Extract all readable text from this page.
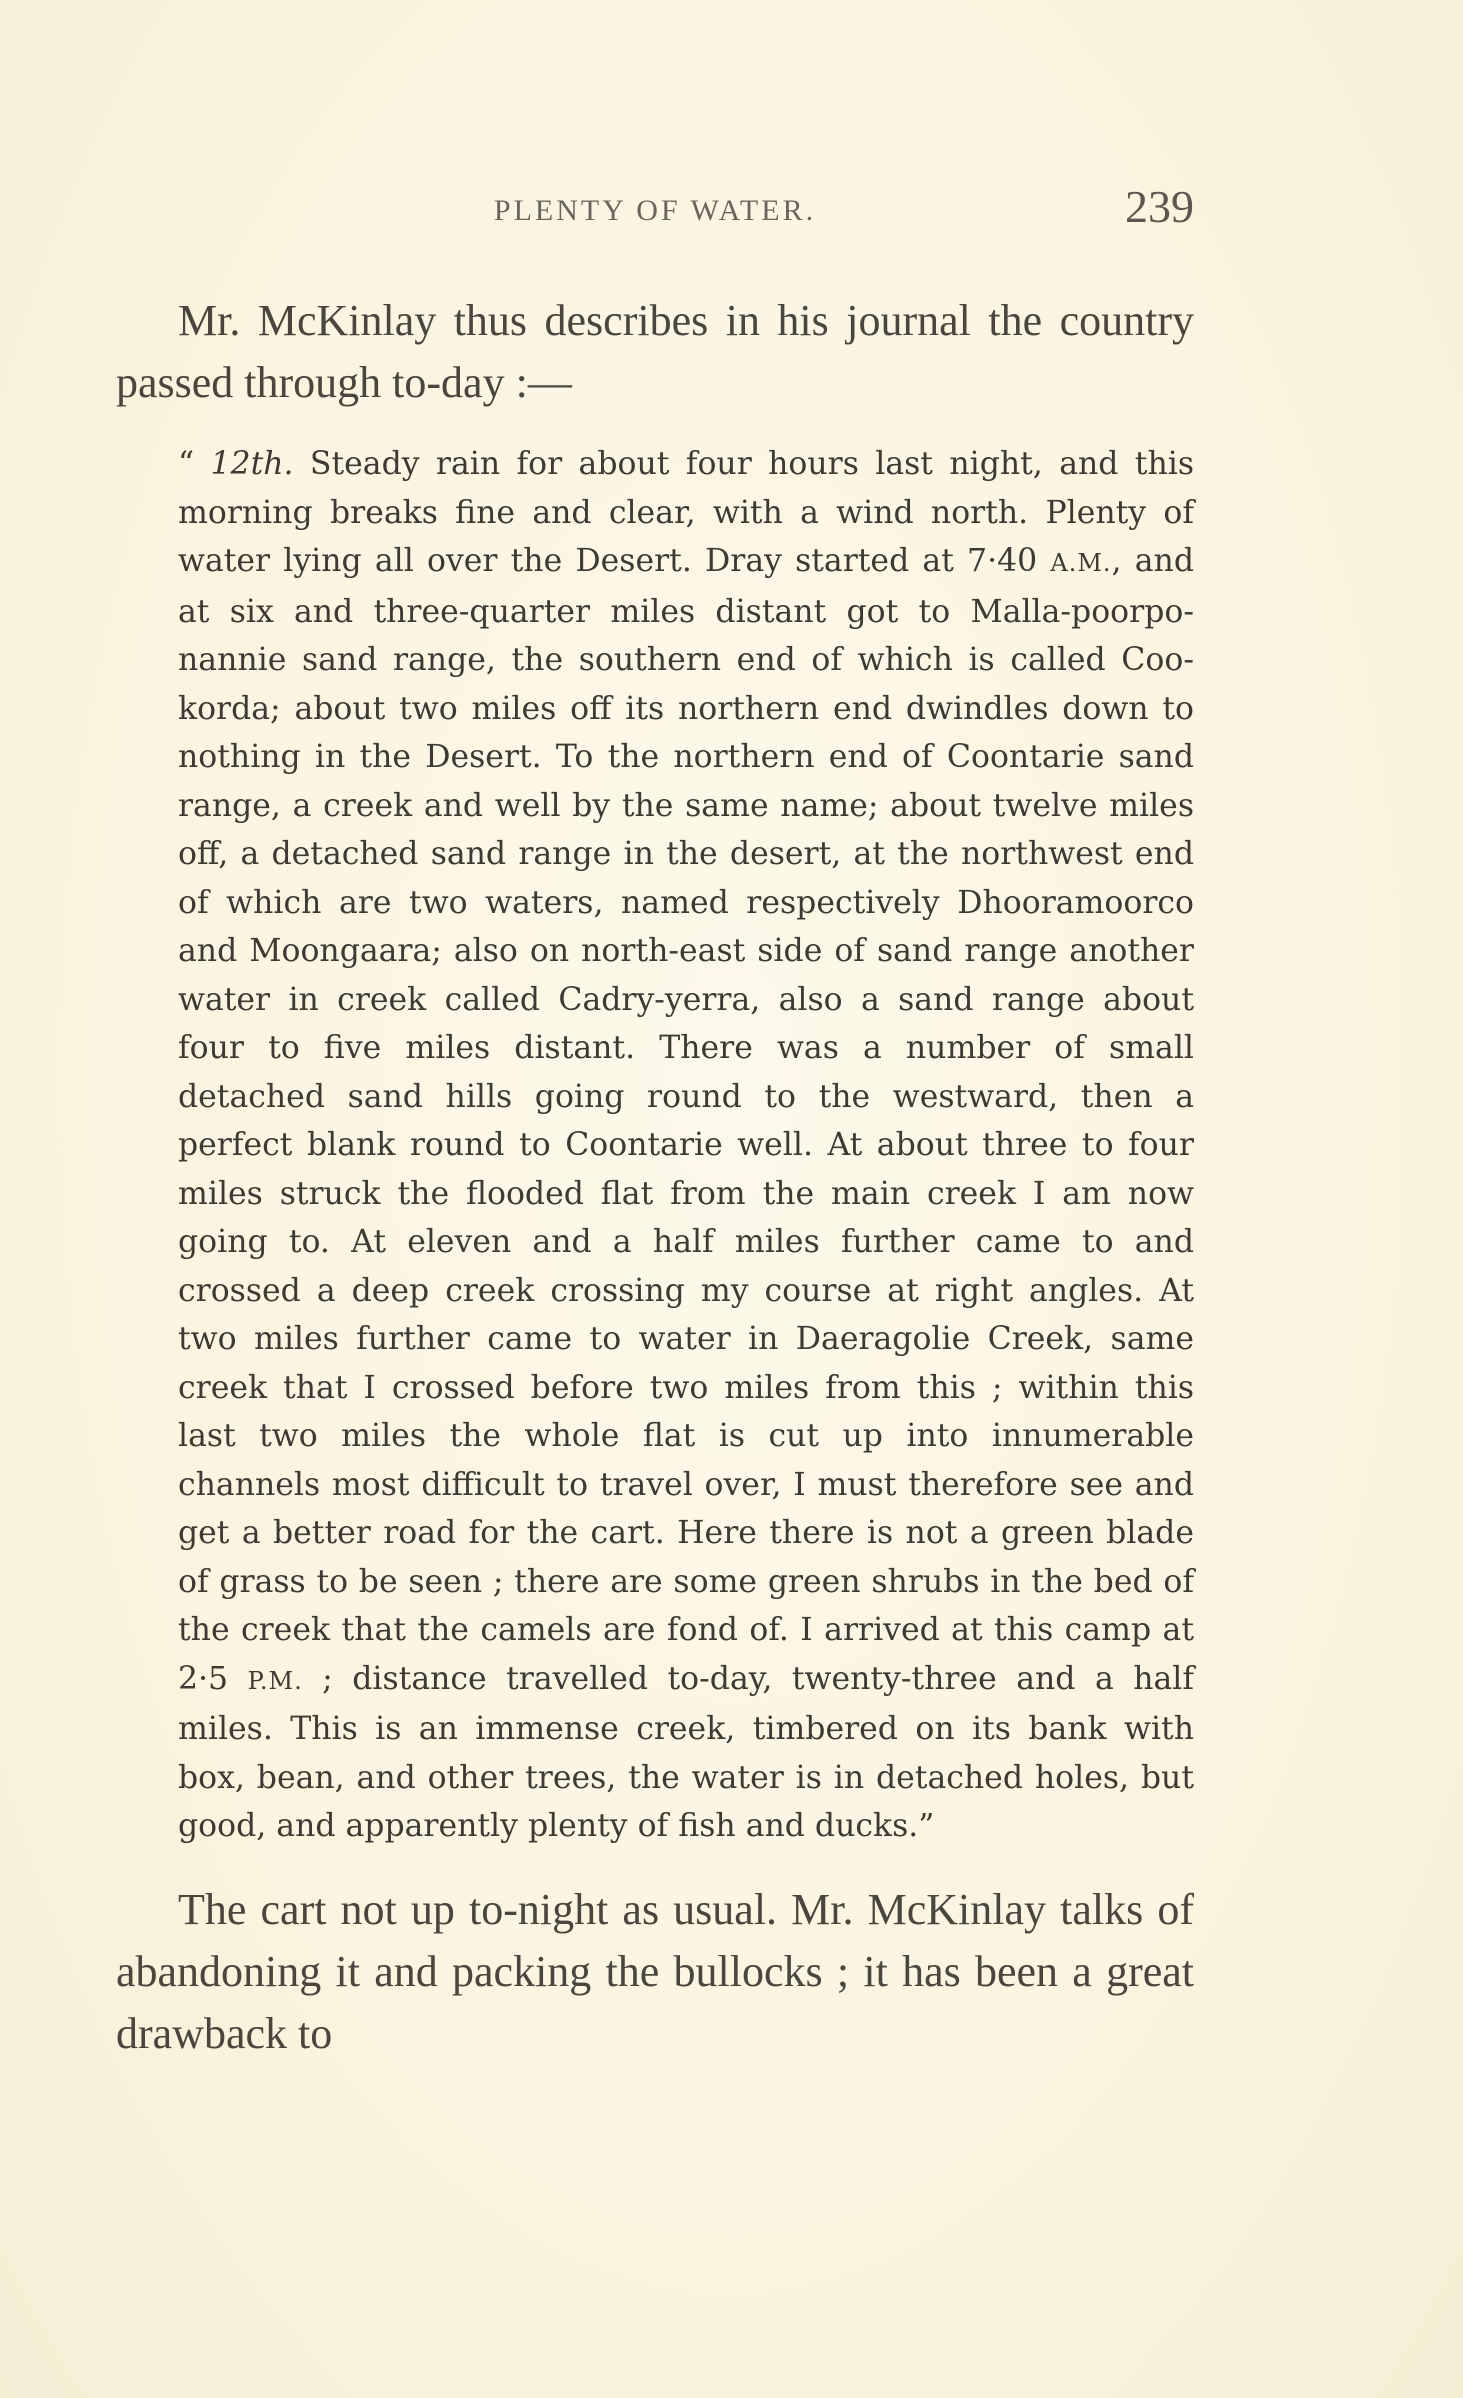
PLENTY OF WATER.	239

Mr. McKinlay thus describes in his journal the country passed through to-day :—

“ 12th. Steady rain for about four hours last night, and this morning breaks fine and clear, with a wind north. Plenty of water lying all over the Desert. Dray started at 7·40 A.M., and at six and three-quarter miles distant got to Malla-poorponannie sand range, the southern end of which is called Cookorda; about two miles off its northern end dwindles down to nothing in the Desert. To the northern end of Coontarie sand range, a creek and well by the same name; about twelve miles off, a detached sand range in the desert, at the northwest end of which are two waters, named respectively Dhooramoorco and Moongaara; also on north-east side of sand range another water in creek called Cadry-yerra, also a sand range about four to five miles distant. There was a number of small detached sand hills going round to the westward, then a perfect blank round to Coontarie well. At about three to four miles struck the flooded flat from the main creek I am now going to. At eleven and a half miles further came to and crossed a deep creek crossing my course at right angles. At two miles further came to water in Daeragolie Creek, same creek that I crossed before two miles from this ; within this last two miles the whole flat is cut up into innumerable channels most difficult to travel over, I must therefore see and get a better road for the cart. Here there is not a green blade of grass to be seen ; there are some green shrubs in the bed of the creek that the camels are fond of. I arrived at this camp at 2·5 P.M. ; distance travelled to-day, twenty-three and a half miles. This is an immense creek, timbered on its bank with box, bean, and other trees, the water is in detached holes, but good, and apparently plenty of fish and ducks.”

The cart not up to-night as usual. Mr. McKinlay talks of abandoning it and packing the bullocks ; it has been a great drawback to
